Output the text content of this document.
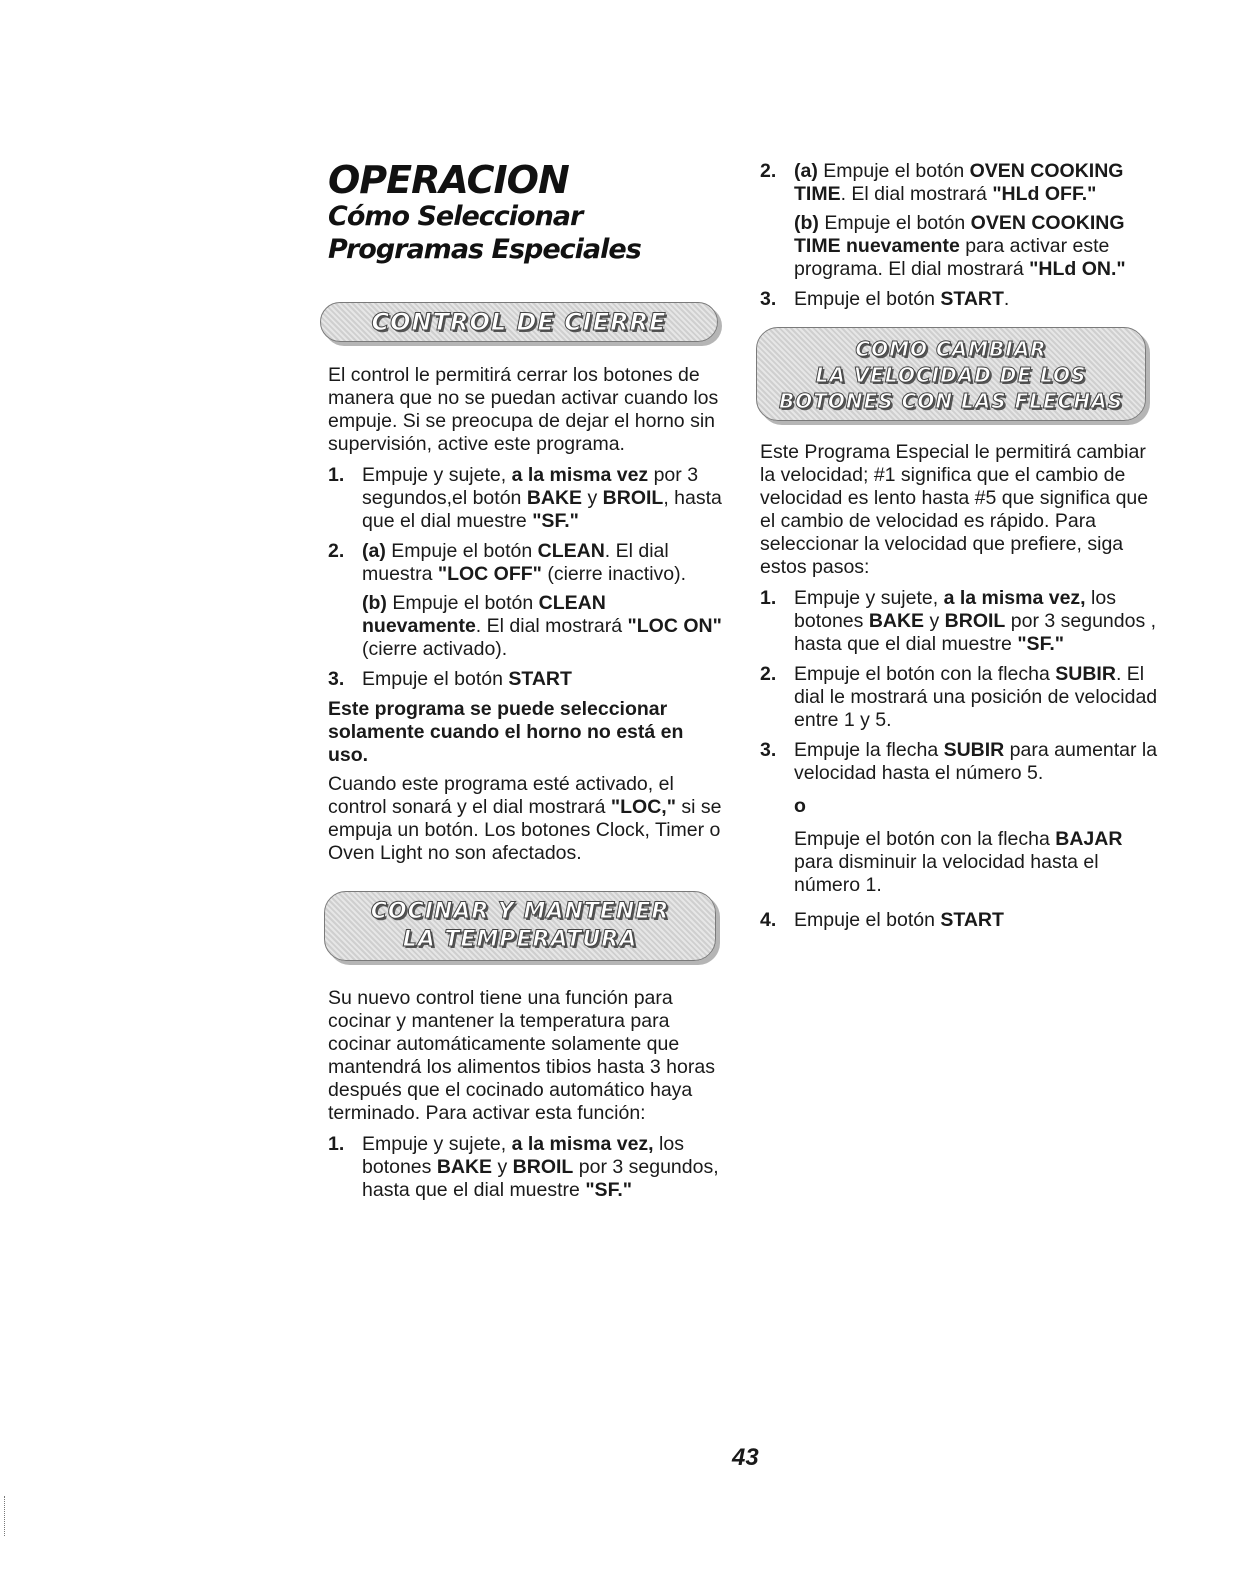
OPERACION
Cómo Seleccionar
Programas Especiales
CONTROL DE CIERRE

El control le permitirá cerrar los botones de manera que no se puedan activar cuando los empuje. Si se preocupa de dejar el horno sin supervisión, active este programa.

1. Empuje y sujete, a la misma vez por 3 segundos,el botón BAKE y BROIL, hasta que el dial muestre "SF."
2. (a) Empuje el botón CLEAN. El dial muestra "LOC OFF" (cierre inactivo).
(b) Empuje el botón CLEAN nuevamente. El dial mostrará "LOC ON" (cierre activado).
3. Empuje el botón START

Este programa se puede seleccionar solamente cuando el horno no está en uso.

Cuando este programa esté activado, el control sonará y el dial mostrará "LOC," si se empuja un botón. Los botones Clock, Timer o Oven Light no son afectados.

COCINAR Y MANTENER
LA TEMPERATURA

Su nuevo control tiene una función para cocinar y mantener la temperatura para cocinar automáticamente solamente que mantendrá los alimentos tibios hasta 3 horas después que el cocinado automático haya terminado. Para activar esta función:

1. Empuje y sujete, a la misma vez, los botones BAKE y BROIL por 3 segundos, hasta que el dial muestre "SF."
2. (a) Empuje el botón OVEN COOKING TIME. El dial mostrará "HLd OFF."
(b) Empuje el botón OVEN COOKING TIME nuevamente para activar este programa. El dial mostrará "HLd ON."
3. Empuje el botón START.
COMO CAMBIAR
LA VELOCIDAD DE LOS
BOTONES CON LAS FLECHAS

Este Programa Especial le permitirá cambiar la velocidad; #1 significa que el cambio de velocidad es lento hasta #5 que significa que el cambio de velocidad es rápido. Para seleccionar la velocidad que prefiere, siga estos pasos:

1. Empuje y sujete, a la misma vez, los botones BAKE y BROIL por 3 segundos , hasta que el dial muestre "SF."
2. Empuje el botón con la flecha SUBIR. El dial le mostrará una posición de velocidad entre 1 y 5.
3. Empuje la flecha SUBIR para aumentar la velocidad hasta el número 5.
o
Empuje el botón con la flecha BAJAR para disminuir la velocidad hasta el número 1.
4. Empuje el botón START
43
